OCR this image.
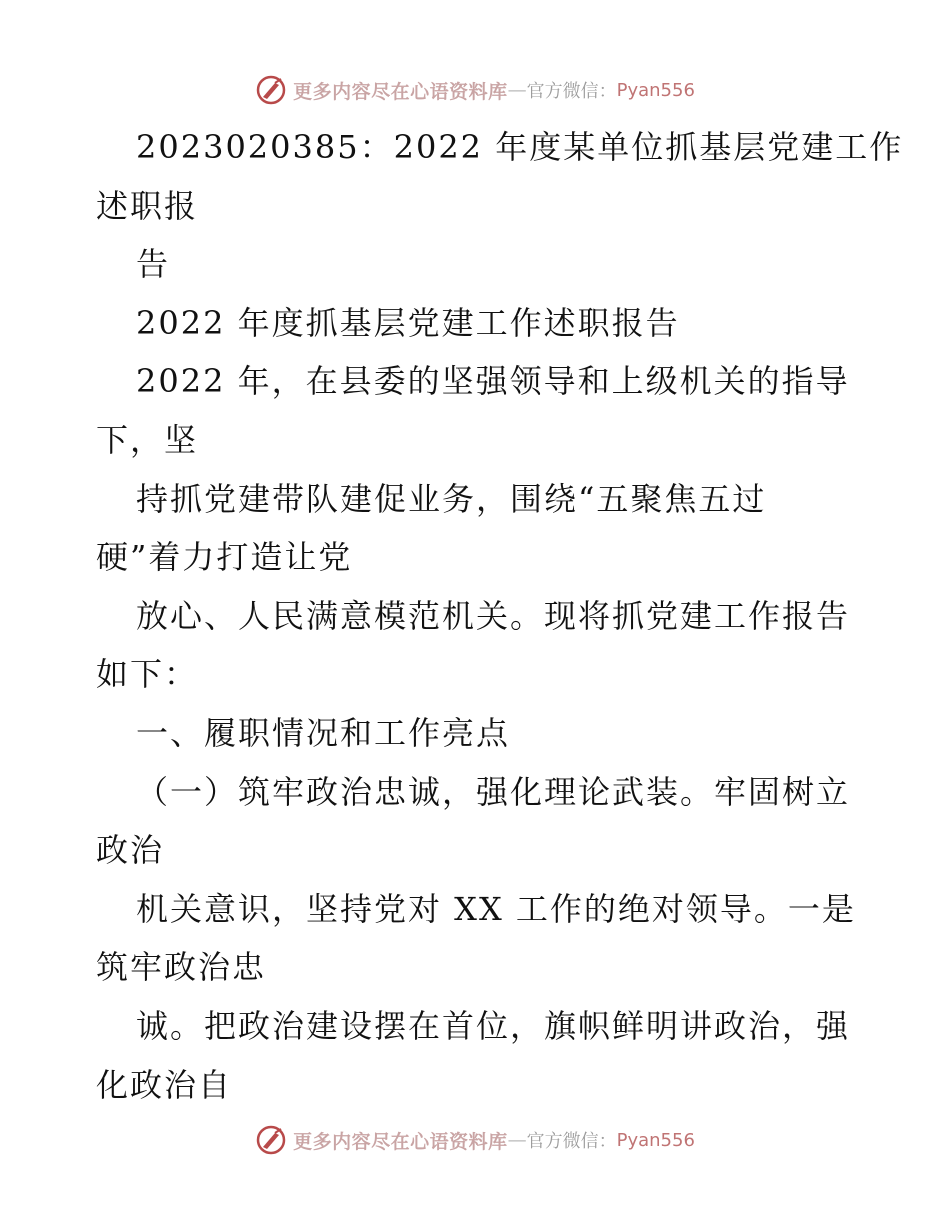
更多内容尽在心语资料库 — 官方微信： Pyan556
2023020385：2022 年度某单位抓基层党建工作
述职报
告
2022 年度抓基层党建工作述职报告
2022 年，在县委的坚强领导和上级机关的指导
下，坚
持抓党建带队建促业务，围绕“五聚焦五过
硬”着力打造让党
放心、人民满意模范机关。现将抓党建工作报告
如下：
一、履职情况和工作亮点
（一）筑牢政治忠诚，强化理论武装。牢固树立
政治
机关意识，坚持党对 XX 工作的绝对领导。一是
筑牢政治忠
诚。把政治建设摆在首位，旗帜鲜明讲政治，强
化政治自
更多内容尽在心语资料库 — 官方微信： Pyan556
